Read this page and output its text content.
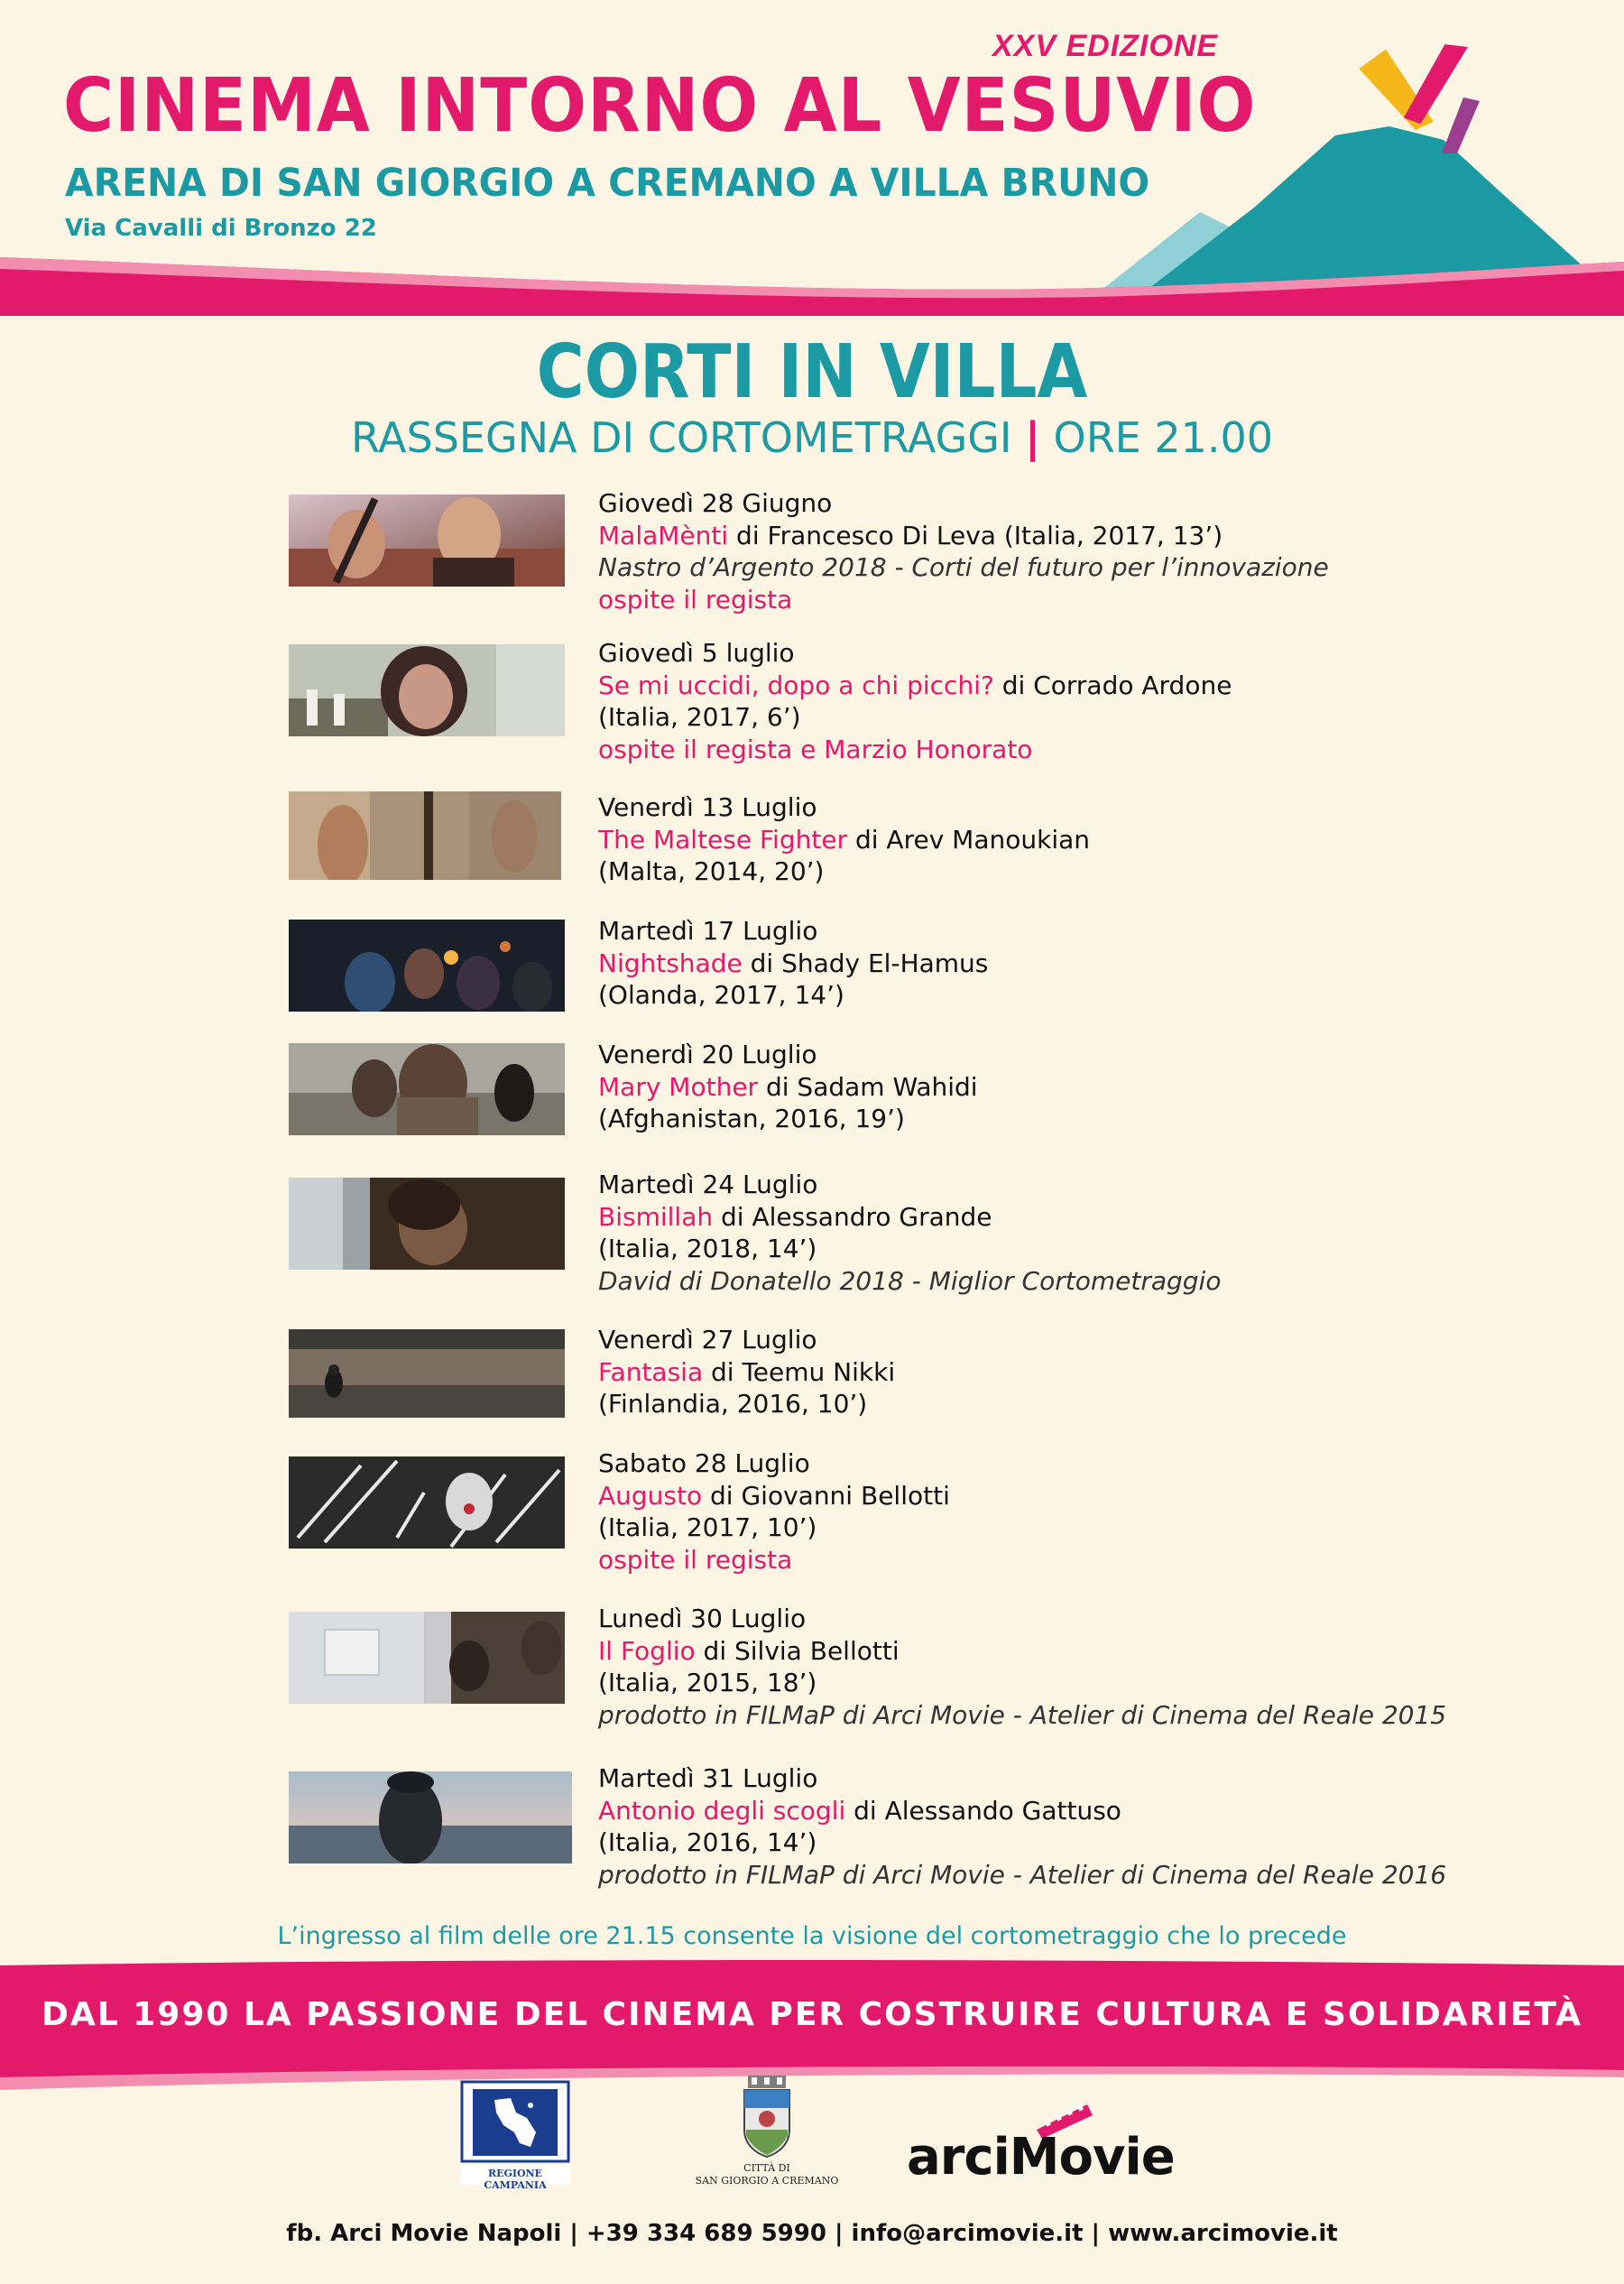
XXV EDIZIONE
CINEMA INTORNO AL VESUVIO
ARENA DI SAN GIORGIO A CREMANO A VILLA BRUNO
Via Cavalli di Bronzo 22
CORTI IN VILLA
RASSEGNA DI CORTOMETRAGGI | ORE 21.00
Giovedì 28 Giugno
MalaMènti di Francesco Di Leva (Italia, 2017, 13’)
Nastro d’Argento 2018 - Corti del futuro per l’innovazione
ospite il regista
Giovedì 5 luglio
Se mi uccidi, dopo a chi picchi? di Corrado Ardone
(Italia, 2017, 6’)
ospite il regista e Marzio Honorato
Venerdì 13 Luglio
The Maltese Fighter di Arev Manoukian
(Malta, 2014, 20’)
Martedì 17 Luglio
Nightshade di Shady El-Hamus
(Olanda, 2017, 14’)
Venerdì 20 Luglio
Mary Mother di Sadam Wahidi
(Afghanistan, 2016, 19’)
Martedì 24 Luglio
Bismillah di Alessandro Grande
(Italia, 2018, 14’)
David di Donatello 2018 - Miglior Cortometraggio
Venerdì 27 Luglio
Fantasia di Teemu Nikki
(Finlandia, 2016, 10’)
Sabato 28 Luglio
Augusto di Giovanni Bellotti
(Italia, 2017, 10’)
ospite il regista
Lunedì 30 Luglio
Il Foglio di Silvia Bellotti
(Italia, 2015, 18’)
prodotto in FILMaP di Arci Movie - Atelier di Cinema del Reale 2015
Martedì 31 Luglio
Antonio degli scogli di Alessando Gattuso
(Italia, 2016, 14’)
prodotto in FILMaP di Arci Movie - Atelier di Cinema del Reale 2016
L’ingresso al film delle ore 21.15 consente la visione del cortometraggio che lo precede
DAL 1990 LA PASSIONE DEL CINEMA PER COSTRUIRE CULTURA E SOLIDARIETÀ
REGIONE CAMPANIA
CITTÀ DI
SAN GIORGIO A CREMANO arciMovie
fb. Arci Movie Napoli | +39 334 689 5990 | info@arcimovie.it | www.arcimovie.it
